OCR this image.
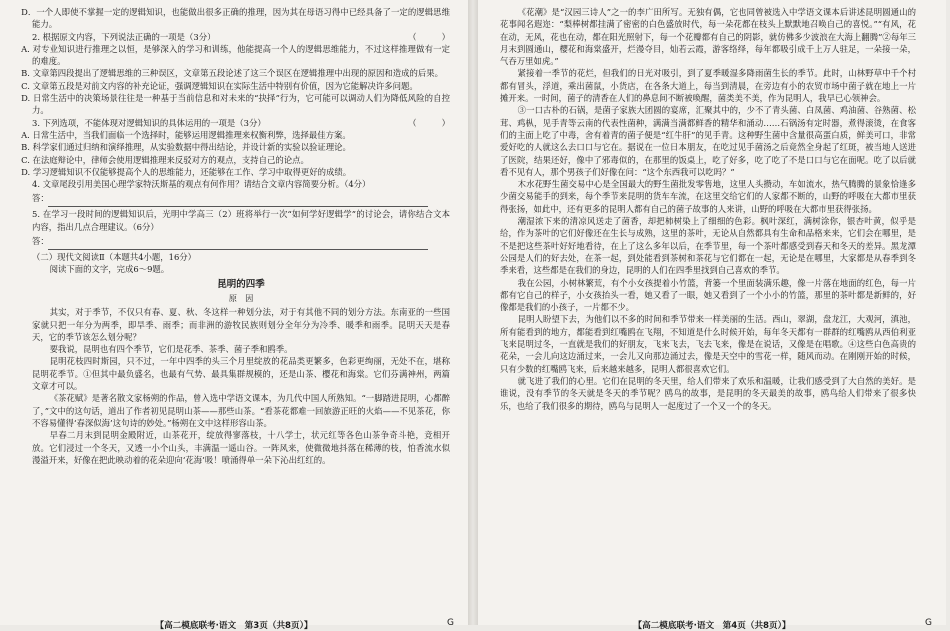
D．一个人即使不掌握一定的逻辑知识，也能做出很多正确的推理，因为其在母语习得中已经具备了一定的逻辑思维能力。

2. 根据原文内容，下列说法正确的一项是（3分）	（　　　）

A. 对专业知识进行推理之以恒，是够深入的学习和训练，他能提高一个人的逻辑思维能力，不过这样推理做有一定的难度。

B. 文章第四段提出了逻辑思维的三种误区，文章第五段论述了这三个误区在逻辑推理中出现的原因和造成的后果。

C. 文章第五段是对前文内容的补充论证，强调逻辑知识在实际生活中特别有价值，因为它能解决许多问题。

D. 日常生活中的决策场景往往是一种基于当前信息和对未来的“抉择”行为，它可能可以调动人们为降低风险的自控力。

3. 下列选项，不能体现对逻辑知识的具体运用的一项是（3分）	（　　　）

A. 日常生活中，当我们面临一个选择时，能够运用逻辑推理来权衡利弊，选择最佳方案。

B. 科学家们通过归纳和演绎推理，从实验数据中得出结论，并设计新的实验以验证理论。

C. 在法庭辩论中，律师会使用逻辑推理来反驳对方的观点，支持自己的论点。

D. 学习逻辑知识不仅能够提高个人的思维能力，还能够在工作、学习中取得更好的成绩。

4. 文章尾段引用美国心理学家特沃斯基的观点有何作用？请结合文章内容简要分析。（4分）

答：

5. 在学习一段时间的逻辑知识后，光明中学高三（2）班将举行一次“如何学好逻辑学”的讨论会，请你结合文本内容，指出几点合理建议。（6分）

答：

（二）现代文阅读Ⅱ（本题共4小题，16分）

阅读下面的文字，完成6～9题。

昆明的四季
原　因

其实，对于季节，不仅只有春、夏、秋、冬这样一种划分法，对于有其他不同的划分方法。东南亚的一些国家就只把一年分为两季，即旱季、雨季；而非洲的游牧民族则划分全年分为冷季、暖季和雨季。昆明天天是春天，它的季节该怎么划分呢？

要我说，昆明也有四个季节，它们是花季、茶季、菌子季和鸥季。

昆明花枝四时斯园，只不过，一年中四季的头三个月里绽放的花品类更繁多，色彩更绚丽，无处不在，堪称昆明花季节。①但其中最负盛名，也最有气势、最具集群规模的，还是山茶、樱花和海棠。它们芬满神州，两篇文章才可以。

《茶花赋》是著名散文家杨朔的作品，曾入选中学语文课本，为几代中国人所熟知。“一脚踏进昆明，心都醉了，”文中的这句话，道出了作者初见昆明山茶——那些山茶。“看茶花都难一回旅游正旺的火焰——不见茶花，你不容易懂得‘春深似海’这句诗的妙处。”杨朔在文中这样形容山茶。

早春二月末到昆明金殿附近，山茶花开，绽放得寥落枝，十八学士，状元红等各色山茶争奇斗艳，竞相开放。它们浸过一个冬天，又透一小个山头，丰满温一遥山谷。一阵风来，使微微地抖落在稀薄的枝，怕香流水似漫溢开来，好像在把此映动着的花朵迎向‘花海’吸！喷涌得单一朵下沁出红红的。

【高二模底联考·语文　第3页（共8页）】	G

《花潮》是“汉园三诗人”之一的李广田所写。无独有偶，它也同曾被选入中学语文课本后讲述昆明圆通山的花事闻名遐迩：“梨棒树都挂满了密密的白色盛放时代，每一朵花都在枝头上默默地召唤自己的喜悦。”“有风，花在动，无风，花也在动，都在阳光照射下，每一个花瓣都有自己的阴影，就仿佛多少波浪在大海上翻腾”②每年三月末到圆通山，樱花和海棠盛开，烂漫夺目，灿若云霞，游客络绎，每年都吸引成千上万人驻足，一朵接一朵，气吞万里如虎。”

紧接着一季节的花烂，但我们的日光对吸引，到了夏季暖湿多降雨菌生长的季节。此时，山林野草中千个村都有冒头，浮道，乘出菌鼠，小货店，在各条大道上，每当到清晨，在旁边有小的农贸市场中菌子就在地上一片摊开来。一时间，菌子的清香在人们的鼻息间不断被唤醒，菌类美不美，作为昆明人，我早已心领神会。

③一口古朴的石锅，是菌子家族大团圆的宴席，汇聚其中的，少不了青头菌、白凤菌、鸡油菌、谷熟菌、松茸、鸡枞，见手青等云南的代表性菌种，满满当满都鲜香的精华和涌动……石锅汤有定时器，煮得滚烫，在食客们的主面上吃了中毒，舍有着青的菌子便是“红牛肝”的见手青。这种野生菌中含量很高蛋白质，鲜美可口，非常爱好吃的人就这么去口口与它在。据说在一位日本朋友，在吃过见手菌汤之后竟然全身起了红斑，被当地人送进了医院，结果还好，像中了邪毒似的，在那里的饭桌上，吃了好多，吃了吃了不是口口与它在面呢。吃了以后就看不见有人，那个男孩子们好像在问：“这个东西我可以吃吗？”

木水花野生菌交易中心是全国最大的野生菌批发零售地，这里人头攒动，车如流水，热气腾腾的景象恰逢多少菌交易能手的到来，每个季节来昆明的货车车流，在这里交给它们的人家都不断的，山野的呼吸在大都市里获得张扬，如此中，还有更多的昆明人都有自己的菌子故事的人来讲，山野的呼吸在大都市里获得张扬。

潮湿浓下来的清凉风送走了菌香，却把柿树染上了细细的色彩。枫叶深红，满树涂你，银杏叶黄，似乎是给，作为茶叶的它们好像还在生长与成熟，这里的茶叶，无论从自然都具有生命和品格来来，它们会在哪里，是不是把这些茶叶好好地看待，在上了这么多年以后，在季节里，每一个茶叶都感受到春天和冬天的差异。黑龙潭公园是人们的好去处，在茶一起，到处能看到茶树和茶花与它们都在一起，无论是在哪里，大家都是从春季到冬季来看，这些都是在我们的身边，昆明的人们在四季里找到自己喜欢的季节。

我在公园，小树林繁荒，有个小女孩提着小竹篮，背篓一个里面装满乐趣，像一片落在地面的红色，每一片都有它自己的样子，小女孩抬头一看，她又看了一眼，她又看到了一个小小的竹篮，那里的茶叶都是新鲜的，好像都是我们的小孩子，一片都不少。

昆明人盼望下去，为他们以不多的时间和季节带来一样美丽的生活。西山，翠湖，盘龙江，大观河，滇池，所有能看到的地方，都能看到红嘴鸥在飞翔，不知道是什么时候开始，每年冬天都有一群群的红嘴鸥从西伯利亚飞来昆明过冬，一直就是我们的好朋友，飞来飞去，飞去飞来，像是在说话，又像是在唱歌。④这些白色高贵的花朵，一会儿向这边涌过来，一会儿又向那边涌过去，像是天空中的雪花一样，随风而动。在刚刚开始的时候，只有少数的红嘴鸥飞来，后来越来越多，昆明人都很喜欢它们。

就飞进了我们的心里。它们在昆明的冬天里，给人们带来了欢乐和温暖，让我们感受到了大自然的美好。是谁说，没有季节的冬天就是冬天的季节呢？鸥鸟的故事，是昆明的冬天最美的故事，鸥鸟给人们带来了很多快乐，也给了我们很多的期待，鸥鸟与昆明人一起度过了一个又一个的冬天。

【高二模底联考·语文　第4页（共8页）】	G
